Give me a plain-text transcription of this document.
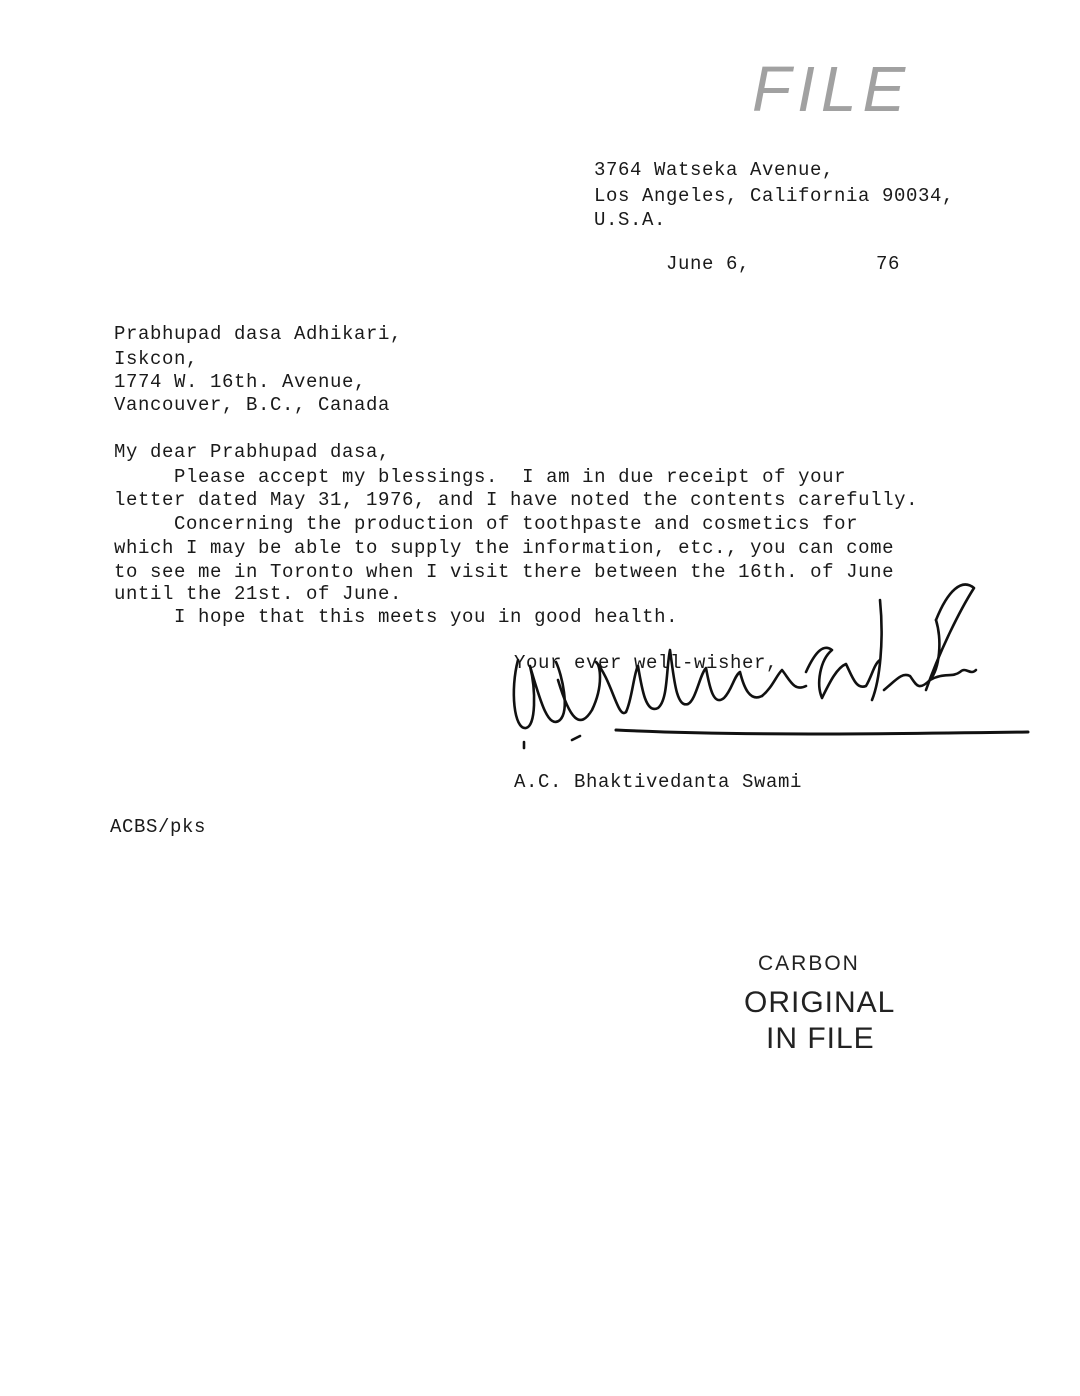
FILE
3764 Watseka Avenue,
Los Angeles, California 90034,
U.S.A.
June 6,	76
Prabhupad dasa Adhikari,
Iskcon,
1774 W. 16th. Avenue,
Vancouver, B.C., Canada
My dear Prabhupad dasa,
Please accept my blessings.  I am in due receipt of your
letter dated May 31, 1976, and I have noted the contents carefully.
Concerning the production of toothpaste and cosmetics for
which I may be able to supply the information, etc., you can come
to see me in Toronto when I visit there between the 16th. of June
until the 21st. of June.
I hope that this meets you in good health.
Your ever well-wisher,
A.C. Bhaktivedanta Swami
ACBS/pks
CARBON
ORIGINAL
IN FILE
